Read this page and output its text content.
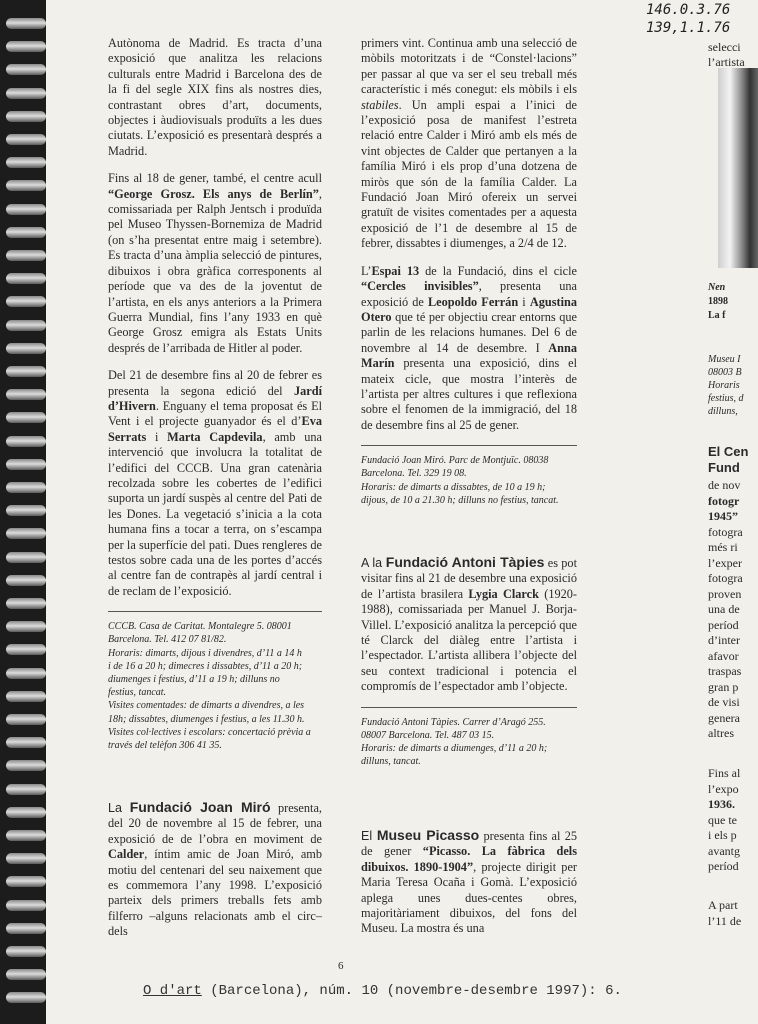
146.0.3.76
139,1.1.76

Autònoma de Madrid. Es tracta d’una exposició que analitza les relacions culturals entre Madrid i Barcelona des de la fi del segle XIX fins als nostres dies, contrastant obres d’art, documents, objectes i àudiovisuals produïts a les dues ciutats. L’exposició es presentarà després a Madrid.

Fins al 18 de gener, també, el centre acull “George Grosz. Els anys de Berlín”, comissariada per Ralph Jentsch i produïda pel Museo Thyssen-Bornemiza de Madrid (on s’ha presentat entre maig i setembre). Es tracta d’una àmplia selecció de pintures, dibuixos i obra gràfica corresponents al període que va des de la joventut de l’artista, en els anys anteriors a la Primera Guerra Mundial, fins l’any 1933 en què George Grosz emigra als Estats Units després de l’arribada de Hitler al poder.

Del 21 de desembre fins al 20 de febrer es presenta la segona edició del Jardí d’Hivern. Enguany el tema proposat és El Vent i el projecte guanyador és el d’Eva Serrats i Marta Capdevila, amb una intervenció que involucra la totalitat de l’edifici del CCCB. Una gran catenària recolzada sobre les cobertes de l’edifici suporta un jardí suspès al centre del Pati de les Dones. La vegetació s’inicia a la cota humana fins a tocar a terra, on s’escampa per la superfície del pati. Dues rengleres de testos sobre cada una de les portes d’accés al centre fan de contrapès al jardí central i de reclam de l’exposició.

CCCB. Casa de Caritat. Montalegre 5. 08001
Barcelona. Tel. 412 07 81/82.
Horaris: dimarts, dijous i divendres, d’11 a 14 h
i de 16 a 20 h; dimecres i dissabtes, d’11 a 20 h;
diumenges i festius, d’11 a 19 h; dilluns no
festius, tancat.
Visites comentades: de dimarts a divendres, a les
18h; dissabtes, diumenges i festius, a les 11.30 h.
Visites col·lectives i escolars: concertació prèvia a
través del telèfon 306 41 35.

La Fundació Joan Miró presenta, del 20 de novembre al 15 de febrer, una exposició de de l’obra en moviment de Calder, íntim amic de Joan Miró, amb motiu del centenari del seu naixement que es commemora l’any 1998. L’exposició parteix dels primers treballs fets amb filferro –alguns relacionats amb el circ– dels

primers vint. Continua amb una selecció de mòbils motoritzats i de “Constel·lacions” per passar al que va ser el seu treball més característic i més conegut: els mòbils i els stabiles. Un ampli espai a l’inici de l’exposició posa de manifest l’estreta relació entre Calder i Miró amb els més de vint objectes de Calder que pertanyen a la família Miró i els prop d’una dotzena de miròs que són de la família Calder. La Fundació Joan Miró ofereix un servei gratuït de visites comentades per a aquesta exposició de l’1 de desembre al 15 de febrer, dissabtes i diumenges, a 2/4 de 12.

L’Espai 13 de la Fundació, dins el cicle “Cercles invisibles”, presenta una exposició de Leopoldo Ferrán i Agustina Otero que té per objectiu crear entorns que parlin de les relacions humanes. Del 6 de novembre al 14 de desembre. I Anna Marín presenta una exposició, dins el mateix cicle, que mostra l’interès de l’artista per altres cultures i que reflexiona sobre el fenomen de la immigració, del 18 de desembre fins al 25 de gener.

Fundació Joan Miró. Parc de Montjuïc. 08038
Barcelona. Tel. 329 19 08.
Horaris: de dimarts a dissabtes, de 10 a 19 h;
dijous, de 10 a 21.30 h; dilluns no festius, tancat.

A la Fundació Antoni Tàpies es pot visitar fins al 21 de desembre una exposició de l’artista brasilera Lygia Clarck (1920-1988), comissariada per Manuel J. Borja-Villel. L’exposició analitza la percepció que té Clarck del diàleg entre l’artista i l’espectador. L’artista allibera l’objecte del seu context tradicional i potencia el compromís de l’espectador amb l’objecte.

Fundació Antoni Tàpies. Carrer d’Aragó 255.
08007 Barcelona. Tel. 487 03 15.
Horaris: de dimarts a diumenges, d’11 a 20 h;
dilluns, tancat.

El Museu Picasso presenta fins al 25 de gener “Picasso. La fàbrica dels dibuixos. 1890-1904”, projecte dirigit per Maria Teresa Ocaña i Gomà. L’exposició aplega unes dues-centes obres, majoritàriament dibuixos, del fons del Museu. La mostra és una

selecci
l’artista
Nen
1898
La f
Museu I
08003 B
Horaris
festius, d
dilluns,
El Cen
Fund
de nov
fotogr
1945”
fotogra
més ri
l’exper
fotogra
proven
una de
períod
d’inter
afavor
traspas
gran p
de visi
genera
altres
Fins al
l’expo
1936.
que te
i els p
avantg
períod
A part
l’11 de
6
O d'art (Barcelona), núm. 10 (novembre-desembre 1997): 6.
